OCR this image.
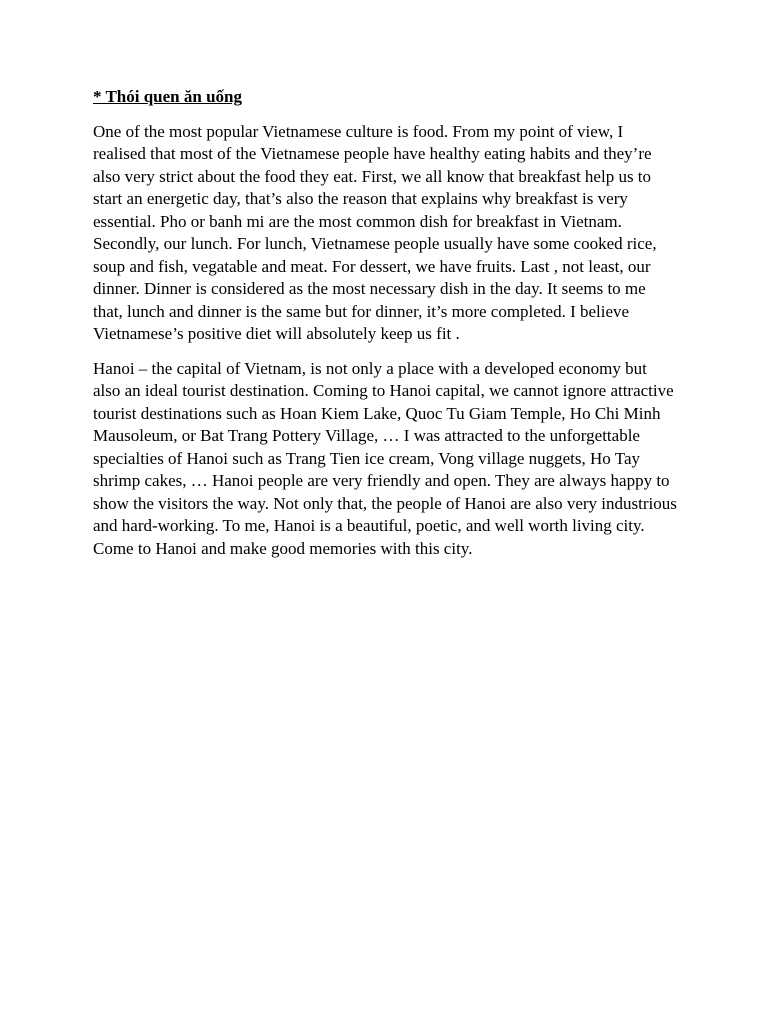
* Thói quen ăn uống

One of the most popular Vietnamese culture is food. From my point of view, I realised that most of the Vietnamese people have healthy eating habits and they’re also very strict about the food they eat. First, we all know that breakfast help us to start an energetic day, that’s also the reason that explains why breakfast is very essential. Pho or banh mi are the most common dish for breakfast in Vietnam. Secondly, our lunch. For lunch, Vietnamese people usually have some cooked rice, soup and fish, vegatable and meat. For dessert, we have fruits. Last , not least, our dinner. Dinner is considered as the most necessary dish in the day. It seems to me that, lunch and dinner is the same but for dinner, it’s more completed. I believe Vietnamese’s positive diet will absolutely keep us fit .

Hanoi – the capital of Vietnam, is not only a place with a developed economy but also an ideal tourist destination. Coming to Hanoi capital, we cannot ignore attractive tourist destinations such as Hoan Kiem Lake, Quoc Tu Giam Temple, Ho Chi Minh Mausoleum, or Bat Trang Pottery Village, … I was attracted to the unforgettable specialties of Hanoi such as Trang Tien ice cream, Vong village nuggets, Ho Tay shrimp cakes, … Hanoi people are very friendly and open. They are always happy to show the visitors the way. Not only that, the people of Hanoi are also very industrious and hard-working. To me, Hanoi is a beautiful, poetic, and well worth living city. Come to Hanoi and make good memories with this city.
